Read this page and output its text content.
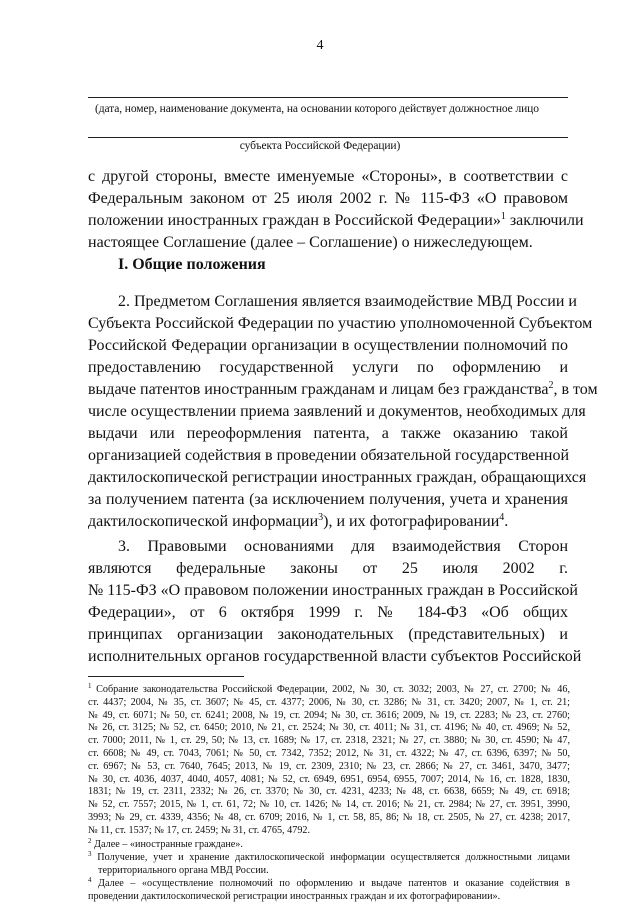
4
(дата, номер, наименование документа, на основании которого действует должностное лицо
субъекта Российской Федерации)
с другой стороны, вместе именуемые «Стороны», в соответствии с
Федеральным законом от 25 июля 2002 г. № 115-ФЗ «О правовом
положении иностранных граждан в Российской Федерации»$^1$ заключили
настоящее Соглашение (далее – Соглашение) о нижеследующем.
I. Общие положения
2. Предметом Соглашения является взаимодействие МВД России и
Субъекта Российской Федерации по участию уполномоченной Субъектом
Российской Федерации организации в осуществлении полномочий по
предоставлению государственной услуги по оформлению и
выдаче патентов иностранным гражданам и лицам без гражданства$^2$, в том
числе осуществлении приема заявлений и документов, необходимых для
выдачи или переоформления патента, а также оказанию такой
организацией содействия в проведении обязательной государственной
дактилоскопической регистрации иностранных граждан, обращающихся
за получением патента (за исключением получения, учета и хранения
дактилоскопической информации$^3$), и их фотографировании$^4$.
3. Правовыми основаниями для взаимодействия Сторон
являются федеральные законы от 25 июля 2002 г.
№ 115-ФЗ «О правовом положении иностранных граждан в Российской
Федерации», от 6 октября 1999 г. № 184-ФЗ «Об общих
принципах организации законодательных (представительных) и
исполнительных органов государственной власти субъектов Российской
$^1$ Собрание законодательства Российской Федерации, 2002, № 30, ст. 3032; 2003, № 27, ст. 2700; № 46,
ст. 4437; 2004, № 35, ст. 3607; № 45, ст. 4377; 2006, № 30, ст. 3286; № 31, ст. 3420; 2007, № 1, ст. 21;
№ 49, ст. 6071; № 50, ст. 6241; 2008, № 19, ст. 2094; № 30, ст. 3616; 2009, № 19, ст. 2283; № 23, ст. 2760;
№ 26, ст. 3125; № 52, ст. 6450; 2010, № 21, ст. 2524; № 30, ст. 4011; № 31, ст. 4196; № 40, ст. 4969; № 52,
ст. 7000; 2011, № 1, ст. 29, 50; № 13, ст. 1689; № 17, ст. 2318, 2321; № 27, ст. 3880; № 30, ст. 4590; № 47,
ст. 6608; № 49, ст. 7043, 7061; № 50, ст. 7342, 7352; 2012, № 31, ст. 4322; № 47, ст. 6396, 6397; № 50,
ст. 6967; № 53, ст. 7640, 7645; 2013, № 19, ст. 2309, 2310; № 23, ст. 2866; № 27, ст. 3461, 3470, 3477;
№ 30, ст. 4036, 4037, 4040, 4057, 4081; № 52, ст. 6949, 6951, 6954, 6955, 7007; 2014, № 16, ст. 1828, 1830,
1831; № 19, ст. 2311, 2332; № 26, ст. 3370; № 30, ст. 4231, 4233; № 48, ст. 6638, 6659; № 49, ст. 6918;
№ 52, ст. 7557; 2015, № 1, ст. 61, 72; № 10, ст. 1426; № 14, ст. 2016; № 21, ст. 2984; № 27, ст. 3951, 3990,
3993; № 29, ст. 4339, 4356; № 48, ст. 6709; 2016, № 1, ст. 58, 85, 86; № 18, ст. 2505, № 27, ст. 4238; 2017,
№ 11, ст. 1537; № 17, ст. 2459; № 31, ст. 4765, 4792.
$^2$ Далее – «иностранные граждане».
$^3$ Получение, учет и хранение дактилоскопической информации осуществляется должностными лицами
территориального органа МВД России.
$^4$ Далее – «осуществление полномочий по оформлению и выдаче патентов и оказание содействия в
проведении дактилоскопической регистрации иностранных граждан и их фотографировании».
